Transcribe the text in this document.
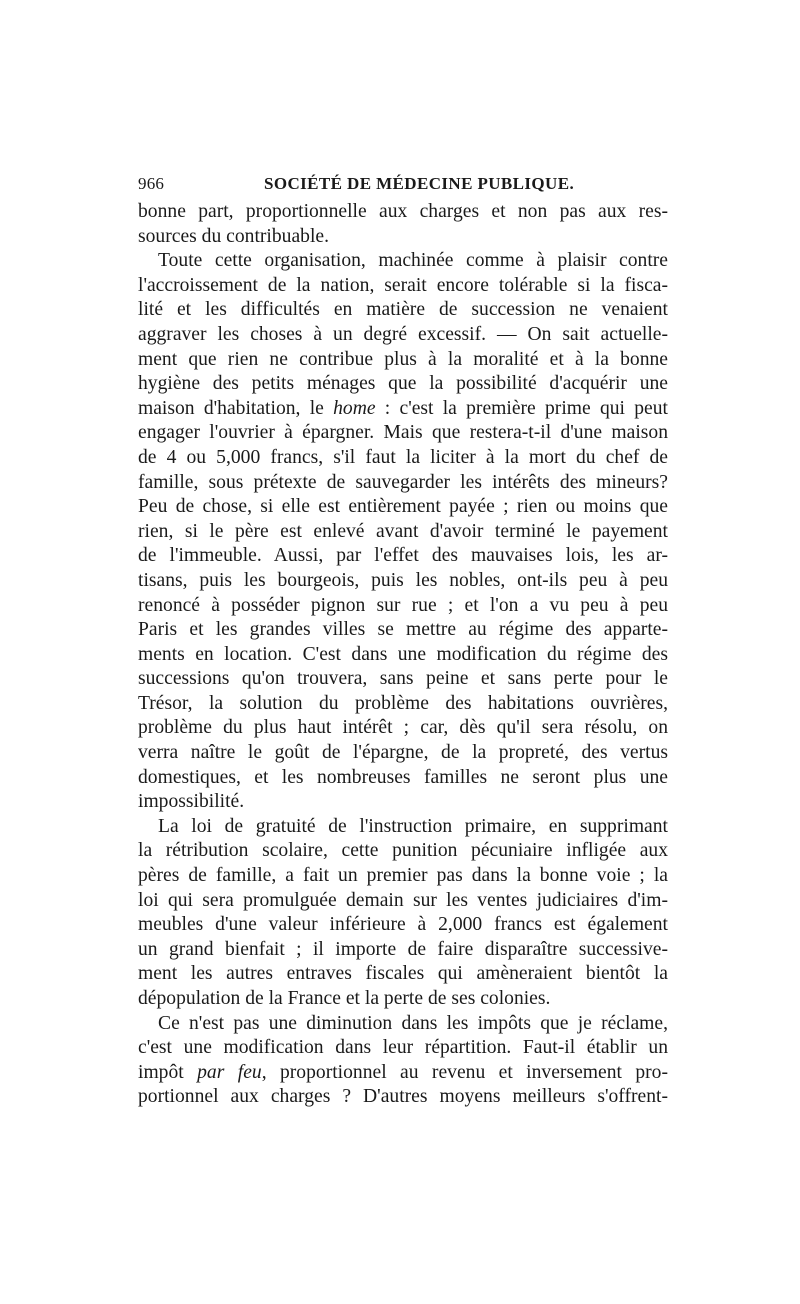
966	SOCIÉTÉ DE MÉDECINE PUBLIQUE.
bonne part, proportionnelle aux charges et non pas aux res-
sources du contribuable.
Toute cette organisation, machinée comme à plaisir contre
l'accroissement de la nation, serait encore tolérable si la fisca-
lité et les difficultés en matière de succession ne venaient
aggraver les choses à un degré excessif. — On sait actuelle-
ment que rien ne contribue plus à la moralité et à la bonne
hygiène des petits ménages que la possibilité d'acquérir une
maison d'habitation, le home : c'est la première prime qui peut
engager l'ouvrier à épargner. Mais que restera-t-il d'une maison
de 4 ou 5,000 francs, s'il faut la liciter à la mort du chef de
famille, sous prétexte de sauvegarder les intérêts des mineurs?
Peu de chose, si elle est entièrement payée ; rien ou moins que
rien, si le père est enlevé avant d'avoir terminé le payement
de l'immeuble. Aussi, par l'effet des mauvaises lois, les ar-
tisans, puis les bourgeois, puis les nobles, ont-ils peu à peu
renoncé à posséder pignon sur rue ; et l'on a vu peu à peu
Paris et les grandes villes se mettre au régime des apparte-
ments en location. C'est dans une modification du régime des
successions qu'on trouvera, sans peine et sans perte pour le
Trésor, la solution du problème des habitations ouvrières,
problème du plus haut intérêt ; car, dès qu'il sera résolu, on
verra naître le goût de l'épargne, de la propreté, des vertus
domestiques, et les nombreuses familles ne seront plus une
impossibilité.
La loi de gratuité de l'instruction primaire, en supprimant
la rétribution scolaire, cette punition pécuniaire infligée aux
pères de famille, a fait un premier pas dans la bonne voie ; la
loi qui sera promulguée demain sur les ventes judiciaires d'im-
meubles d'une valeur inférieure à 2,000 francs est également
un grand bienfait ; il importe de faire disparaître successive-
ment les autres entraves fiscales qui amèneraient bientôt la
dépopulation de la France et la perte de ses colonies.
Ce n'est pas une diminution dans les impôts que je réclame,
c'est une modification dans leur répartition. Faut-il établir un
impôt par feu, proportionnel au revenu et inversement pro-
portionnel aux charges ? D'autres moyens meilleurs s'offrent-
